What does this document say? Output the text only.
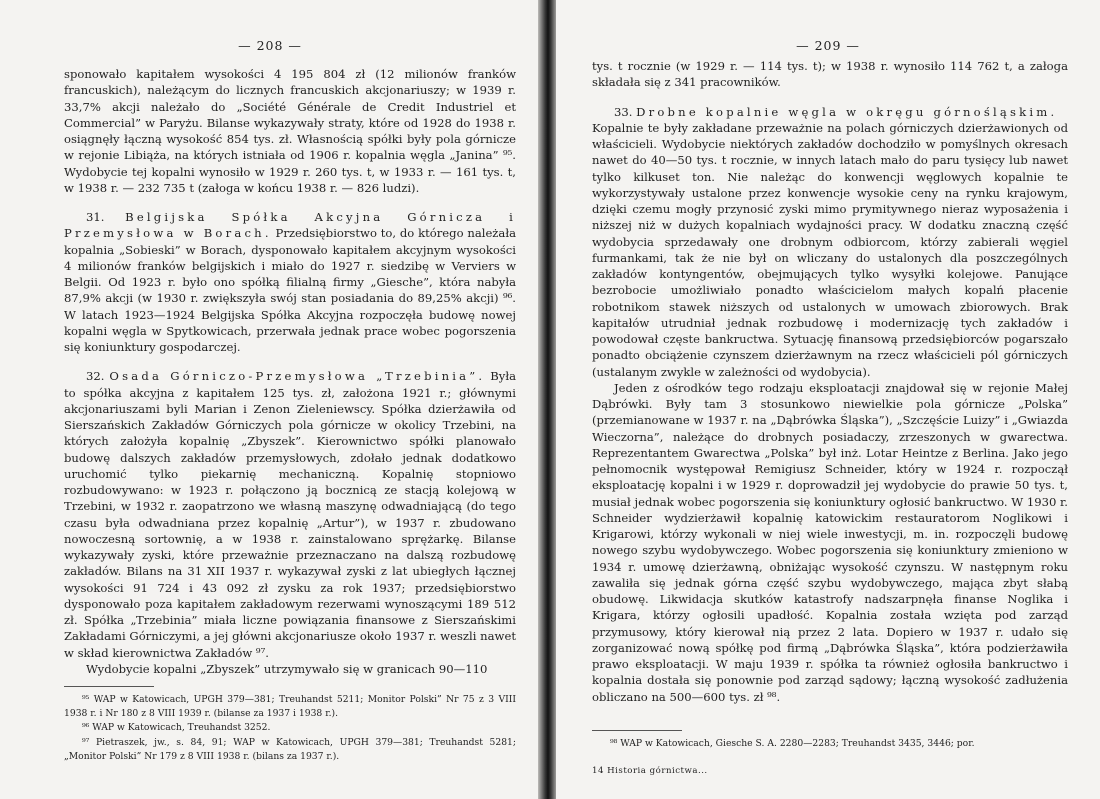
— 208 —

sponowało kapitałem wysokości 4 195 804 zł (12 milionów franków francuskich), należącym do licznych francuskich akcjonariuszy; w 1939 r. 33,7% akcji należało do „Société Générale de Credit Industriel et Commercial” w Paryżu. Bilanse wykazywały straty, które od 1928 do 1938 r. osiągnęły łączną wysokość 854 tys. zł. Własnością spółki były pola górnicze w rejonie Libiąża, na których istniała od 1906 r. kopalnia węgla „Janina” ⁹⁵. Wydobycie tej kopalni wynosiło w 1929 r. 260 tys. t, w 1933 r. — 161 tys. t, w 1938 r. — 232 735 t (załoga w końcu 1938 r. — 826 ludzi).

31. Belgijska Spółka Akcyjna Górnicza i Przemysłowa w Borach. Przedsiębiorstwo to, do którego należała kopalnia „Sobieski” w Borach, dysponowało kapitałem akcyjnym wysokości 4 milionów franków belgijskich i miało do 1927 r. siedzibę w Verviers w Belgii. Od 1923 r. było ono spółką filialną firmy „Giesche”, która nabyła 87,9% akcji (w 1930 r. zwiększyła swój stan posiadania do 89,25% akcji) ⁹⁶. W latach 1923—1924 Belgijska Spółka Akcyjna rozpoczęła budowę nowej kopalni węgla w Spytkowicach, przerwała jednak prace wobec pogorszenia się koniunktury gospodarczej.

32. Osada Górniczo-Przemysłowa „Trzebinia”. Była to spółka akcyjna z kapitałem 125 tys. zł, założona 1921 r.; głównymi akcjonariuszami byli Marian i Zenon Zieleniewscy. Spółka dzierżawiła od Sierszańskich Zakładów Górniczych pola górnicze w okolicy Trzebini, na których założyła kopalnię „Zbyszek”. Kierownictwo spółki planowało budowę dalszych zakładów przemysłowych, zdołało jednak dodatkowo uruchomić tylko piekarnię mechaniczną. Kopalnię stopniowo rozbudowywano: w 1923 r. połączono ją bocznicą ze stacją kolejową w Trzebini, w 1932 r. zaopatrzono we własną maszynę odwadniającą (do tego czasu była odwadniana przez kopalnię „Artur”), w 1937 r. zbudowano nowoczesną sortownię, a w 1938 r. zainstalowano sprężarkę. Bilanse wykazywały zyski, które przeważnie przeznaczano na dalszą rozbudowę zakładów. Bilans na 31 XII 1937 r. wykazywał zyski z lat ubiegłych łącznej wysokości 91 724 i 43 092 zł zysku za rok 1937; przedsiębiorstwo dysponowało poza kapitałem zakładowym rezerwami wynoszącymi 189 512 zł. Spółka „Trzebinia” miała liczne powiązania finansowe z Sierszańskimi Zakładami Górniczymi, a jej główni akcjonariusze około 1937 r. weszli nawet w skład kierownictwa Zakładów ⁹⁷.

Wydobycie kopalni „Zbyszek” utrzymywało się w granicach 90—110

⁹⁵ WAP w Katowicach, UPGH 379—381; Treuhandst 5211; Monitor Polski” Nr 75 z 3 VIII 1938 r. i Nr 180 z 8 VIII 1939 r. (bilanse za 1937 i 1938 r.).

⁹⁶ WAP w Katowicach, Treuhandst 3252.

⁹⁷ Pietraszek, jw., s. 84, 91; WAP w Katowicach, UPGH 379—381; Treuhandst 5281; „Monitor Polski” Nr 179 z 8 VIII 1938 r. (bilans za 1937 r.).

— 209 —

tys. t rocznie (w 1929 r. — 114 tys. t); w 1938 r. wynosiło 114 762 t, a załoga składała się z 341 pracowników.

33. Drobne kopalnie węgla w okręgu górnośląskim.

Kopalnie te były zakładane przeważnie na polach górniczych dzierżawionych od właścicieli. Wydobycie niektórych zakładów dochodziło w pomyślnych okresach nawet do 40—50 tys. t rocznie, w innych latach mało do paru tysięcy lub nawet tylko kilkuset ton. Nie należąc do konwencji węglowych kopalnie te wykorzystywały ustalone przez konwencje wysokie ceny na rynku krajowym, dzięki czemu mogły przynosić zyski mimo prymitywnego nieraz wyposażenia i niższej niż w dużych kopalniach wydajności pracy. W dodatku znaczną część wydobycia sprzedawały one drobnym odbiorcom, którzy zabierali węgiel furmankami, tak że nie był on wliczany do ustalonych dla poszczególnych zakładów kontyngentów, obejmujących tylko wysyłki kolejowe. Panujące bezrobocie umożliwiało ponadto właścicielom małych kopalń płacenie robotnikom stawek niższych od ustalonych w umowach zbiorowych. Brak kapitałów utrudniał jednak rozbudowę i modernizację tych zakładów i powodował częste bankructwa. Sytuację finansową przedsiębiorców pogarszało ponadto obciążenie czynszem dzierżawnym na rzecz właścicieli pól górniczych (ustalanym zwykle w zależności od wydobycia).

Jeden z ośrodków tego rodzaju eksploatacji znajdował się w rejonie Małej Dąbrówki. Były tam 3 stosunkowo niewielkie pola górnicze „Polska” (przemianowane w 1937 r. na „Dąbrówka Śląska”), „Szczęście Luizy” i „Gwiazda Wieczorna”, należące do drobnych posiadaczy, zrzeszonych w gwarectwa. Reprezentantem Gwarectwa „Polska” był inż. Lotar Heintze z Berlina. Jako jego pełnomocnik występował Remigiusz Schneider, który w 1924 r. rozpoczął eksploatację kopalni i w 1929 r. doprowadził jej wydobycie do prawie 50 tys. t, musiał jednak wobec pogorszenia się koniunktury ogłosić bankructwo. W 1930 r. Schneider wydzierżawił kopalnię katowickim restauratorom Noglikowi i Krigarowi, którzy wykonali w niej wiele inwestycji, m. in. rozpoczęli budowę nowego szybu wydobywczego. Wobec pogorszenia się koniunktury zmieniono w 1934 r. umowę dzierżawną, obniżając wysokość czynszu. W następnym roku zawaliła się jednak górna część szybu wydobywczego, mająca zbyt słabą obudowę. Likwidacja skutków katastrofy nadszarpnęła finanse Noglika i Krigara, którzy ogłosili upadłość. Kopalnia została wzięta pod zarząd przymusowy, który kierował nią przez 2 lata. Dopiero w 1937 r. udało się zorganizować nową spółkę pod firmą „Dąbrówka Śląska”, która podzierżawiła prawo eksploatacji. W maju 1939 r. spółka ta również ogłosiła bankructwo i kopalnia dostała się ponownie pod zarząd sądowy; łączną wysokość zadłużenia obliczano na 500—600 tys. zł ⁹⁸.

⁹⁸ WAP w Katowicach, Giesche S. A. 2280—2283; Treuhandst 3435, 3446; por.

14 Historia górnictwa...
